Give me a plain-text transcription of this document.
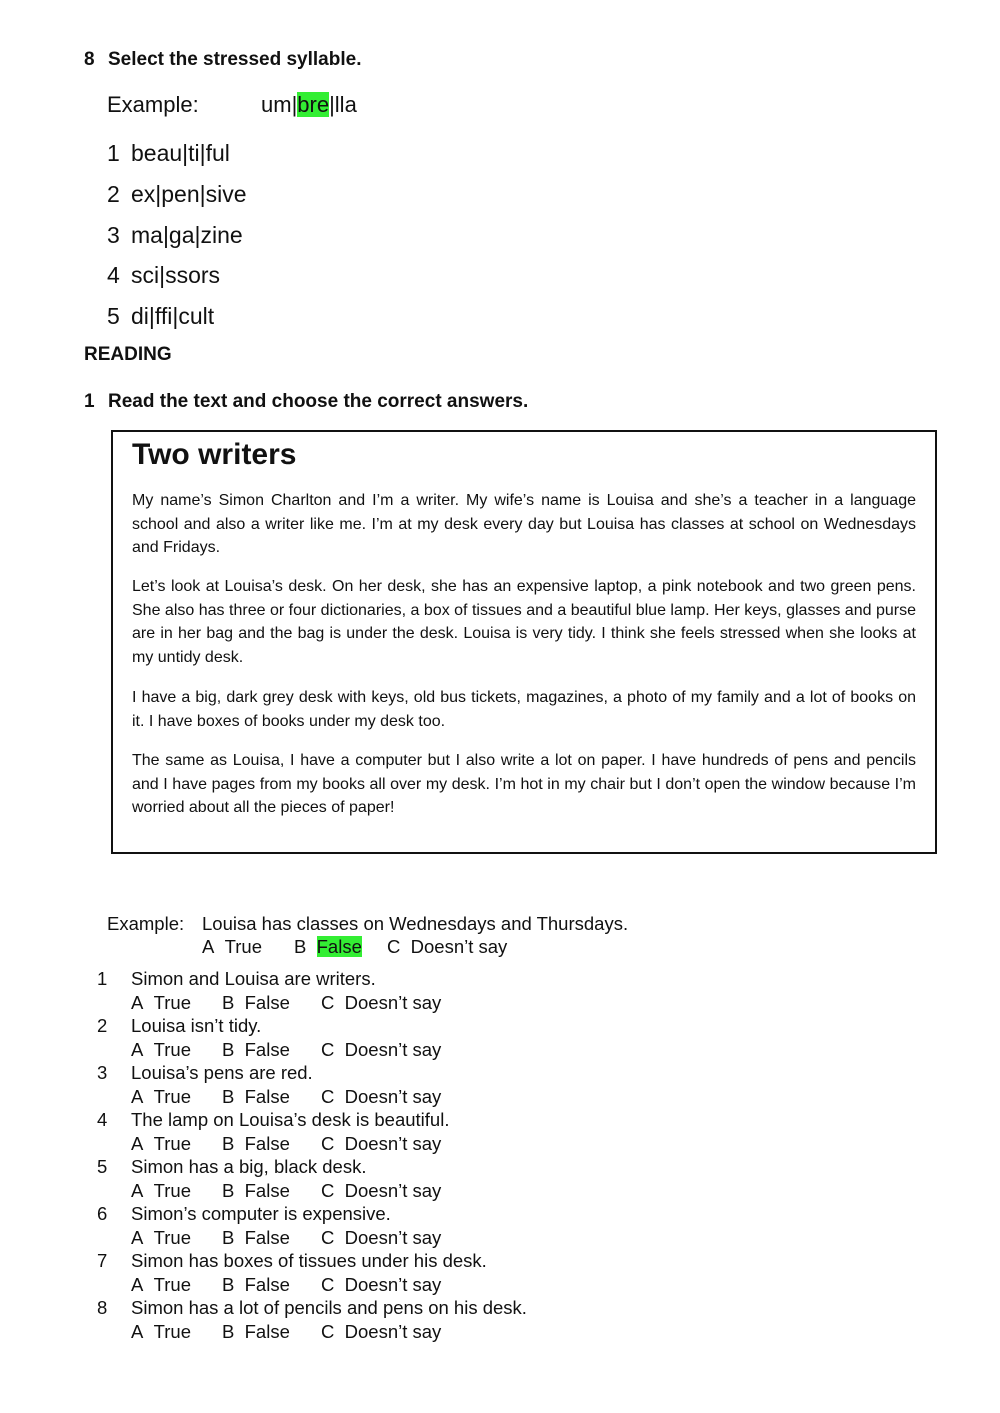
8 Select the stressed syllable.
Example:	um|bre|lla
1 beau|ti|ful
2 ex|pen|sive
3 ma|ga|zine
4 sci|ssors
5 di|ffi|cult
READING
1 Read the text and choose the correct answers.
Two writers
My name’s Simon Charlton and I’m a writer. My wife’s name is Louisa and she’s a teacher in a language school and also a writer like me. I’m at my desk every day but Louisa has classes at school on Wednesdays and Fridays.
Let’s look at Louisa’s desk. On her desk, she has an expensive laptop, a pink notebook and two green pens. She also has three or four dictionaries, a box of tissues and a beautiful blue lamp. Her keys, glasses and purse are in her bag and the bag is under the desk. Louisa is very tidy. I think she feels stressed when she looks at my untidy desk.
I have a big, dark grey desk with keys, old bus tickets, magazines, a photo of my family and a lot of books on it. I have boxes of books under my desk too.
The same as Louisa, I have a computer but I also write a lot on paper. I have hundreds of pens and pencils and I have pages from my books all over my desk. I’m hot in my chair but I don’t open the window because I’m worried about all the pieces of paper!
Example: Louisa has classes on Wednesdays and Thursdays.
A True B False C Doesn’t say
1 Simon and Louisa are writers.
A True B False C Doesn’t say
2 Louisa isn’t tidy.
A True B False C Doesn’t say
3 Louisa’s pens are red.
A True B False C Doesn’t say
4 The lamp on Louisa’s desk is beautiful.
A True B False C Doesn’t say
5 Simon has a big, black desk.
A True B False C Doesn’t say
6 Simon’s computer is expensive.
A True B False C Doesn’t say
7 Simon has boxes of tissues under his desk.
A True B False C Doesn’t say
8 Simon has a lot of pencils and pens on his desk.
A True B False C Doesn’t say
